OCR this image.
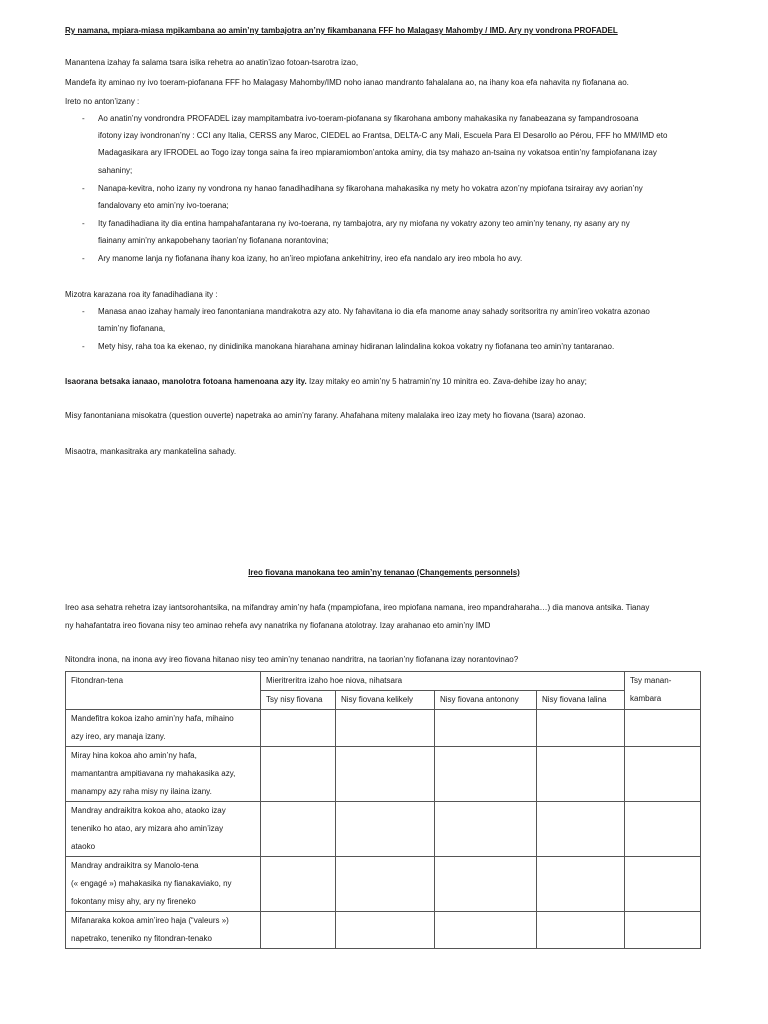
Ry namana, mpiara-miasa mpikambana ao amin’ny tambajotra an’ny fikambanana FFF ho Malagasy Mahomby / IMD. Ary ny vondrona PROFADEL
Manantena izahay fa salama tsara isika rehetra ao anatin’izao fotoan-tsarotra izao,
Mandefa ity aminao ny ivo toeram-piofanana FFF ho Malagasy Mahomby/IMD noho ianao mandranto fahalalana ao, na ihany koa efa nahavita ny fiofanana ao.
Ireto no anton’izany :
- Ao anatin’ny vondrondra PROFADEL izay mampitambatra ivo-toeram-piofanana sy fikarohana ambony mahakasika ny fanabeazana sy fampandrosoana
ifotony izay ivondronan’ny : CCI any Italia, CERSS any Maroc, CIEDEL ao Frantsa, DELTA-C any Mali, Escuela Para El Desarollo ao Pérou, FFF ho MM/IMD eto
Madagasikara ary IFRODEL ao Togo izay tonga saina fa ireo mpiaramiombon’antoka aminy, dia tsy mahazo an-tsaina ny vokatsoa entin’ny fampiofanana izay
sahaniny;
- Nanapa-kevitra, noho izany ny vondrona ny hanao fanadihadihana sy fikarohana mahakasika ny mety ho vokatra azon’ny mpiofana tsirairay avy aorian’ny
fandalovany eto amin’ny ivo-toerana;
- Ity fanadihadiana ity dia entina hampahafantarana ny ivo-toerana, ny tambajotra, ary ny miofana ny vokatry azony teo amin’ny tenany, ny asany ary ny
fiainany amin’ny ankapobehany taorian’ny fiofanana norantovina;
- Ary manome lanja ny fiofanana ihany koa izany, ho an’ireo mpiofana ankehitriny, ireo efa nandalo ary ireo mbola ho avy.
Mizotra karazana roa ity fanadihadiana ity :
- Manasa anao izahay hamaly ireo fanontaniana mandrakotra azy ato. Ny fahavitana io dia efa manome anay sahady soritsoritra ny amin’ireo vokatra azonao
tamin’ny fiofanana,
- Mety hisy, raha toa ka ekenao, ny dinidinika manokana hiarahana aminay hidiranan lalindalina kokoa vokatry ny fiofanana teo amin’ny tantaranao.
Isaorana betsaka ianaao, manolotra fotoana hamenoana azy ity. Izay mitaky eo amin’ny 5 hatramin’ny 10 minitra eo. Zava-dehibe izay ho anay;
Misy fanontaniana misokatra (question ouverte) napetraka ao amin’ny farany. Ahafahana miteny malalaka ireo izay mety ho fiovana (tsara) azonao.
Misaotra, mankasitraka ary mankatelina sahady.
Ireo fiovana manokana teo amin’ny tenanao (Changements personnels)
Ireo asa sehatra rehetra izay iantsorohantsika, na mifandray amin’ny hafa (mpampiofana, ireo mpiofana namana, ireo mpandraharaha…) dia manova antsika. Tianay
ny hahafantatra ireo fiovana nisy teo aminao rehefa avy nanatrika ny fiofanana atolotray. Izay arahanao eto amin’ny IMD
Nitondra inona, na inona avy ireo fiovana hitanao nisy teo amin’ny tenanao nandritra, na taorian’ny fiofanana izay norantovinao?
Fitondran-tena	Mieritreritra izaho hoe niova, nihatsara				Tsy manan-kambara
	Tsy nisy fiovana	Nisy fiovana kelikely	Nisy fiovana antonony	Nisy fiovana lalina	

Mandefitra kokoa izaho amin’ny hafa, mihaino
azy ireo, ary manaja izany.					

Miray hina kokoa aho amin’ny hafa,
mamantantra ampitiavana ny mahakasika azy,
manampy azy raha misy ny ilaina izany.					

Mandray andraikitra kokoa aho, ataoko izay
teneniko ho atao, ary mizara aho amin’izay
ataoko					

Mandray andraikitra sy Manolo-tena
(« engagé ») mahakasika ny fianakaviako, ny
fokontany misy ahy, ary ny fireneko					

Mifanaraka kokoa amin’ireo haja (“valeurs »)
napetrako, teneniko ny fitondran-tenako					
